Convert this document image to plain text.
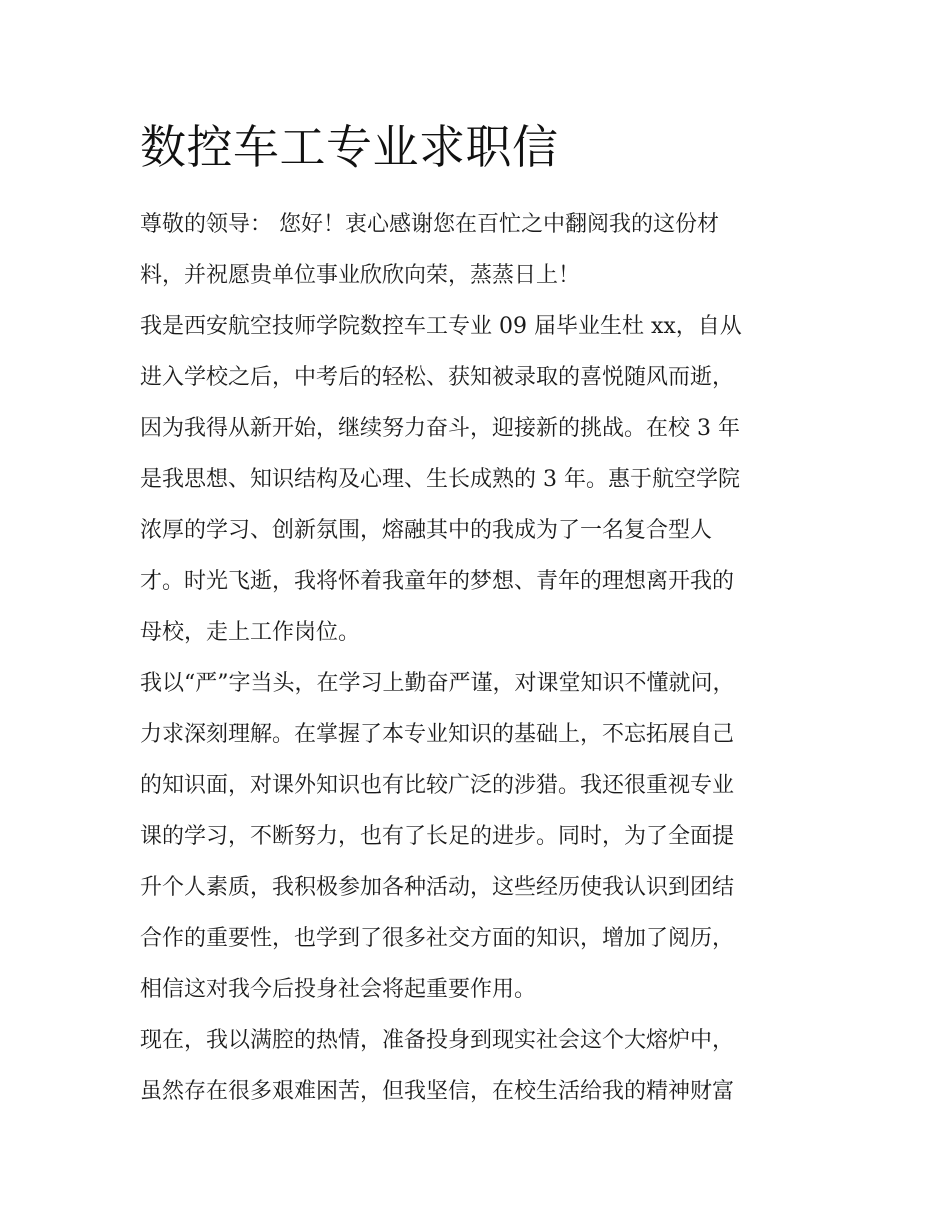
数控车工专业求职信
尊敬的领导： 您好！衷心感谢您在百忙之中翻阅我的这份材
料，并祝愿贵单位事业欣欣向荣，蒸蒸日上！
我是西安航空技师学院数控车工专业 09 届毕业生杜 xx，自从
进入学校之后，中考后的轻松、获知被录取的喜悦随风而逝，
因为我得从新开始，继续努力奋斗，迎接新的挑战。在校 3 年
是我思想、知识结构及心理、生长成熟的 3 年。惠于航空学院
浓厚的学习、创新氛围，熔融其中的我成为了一名复合型人
才。时光飞逝，我将怀着我童年的梦想、青年的理想离开我的
母校，走上工作岗位。
我以“严”字当头，在学习上勤奋严谨，对课堂知识不懂就问，
力求深刻理解。在掌握了本专业知识的基础上，不忘拓展自己
的知识面，对课外知识也有比较广泛的涉猎。我还很重视专业
课的学习，不断努力，也有了长足的进步。同时，为了全面提
升个人素质，我积极参加各种活动，这些经历使我认识到团结
合作的重要性，也学到了很多社交方面的知识，增加了阅历，
相信这对我今后投身社会将起重要作用。
现在，我以满腔的热情，准备投身到现实社会这个大熔炉中，
虽然存在很多艰难困苦，但我坚信，在校生活给我的精神财富
